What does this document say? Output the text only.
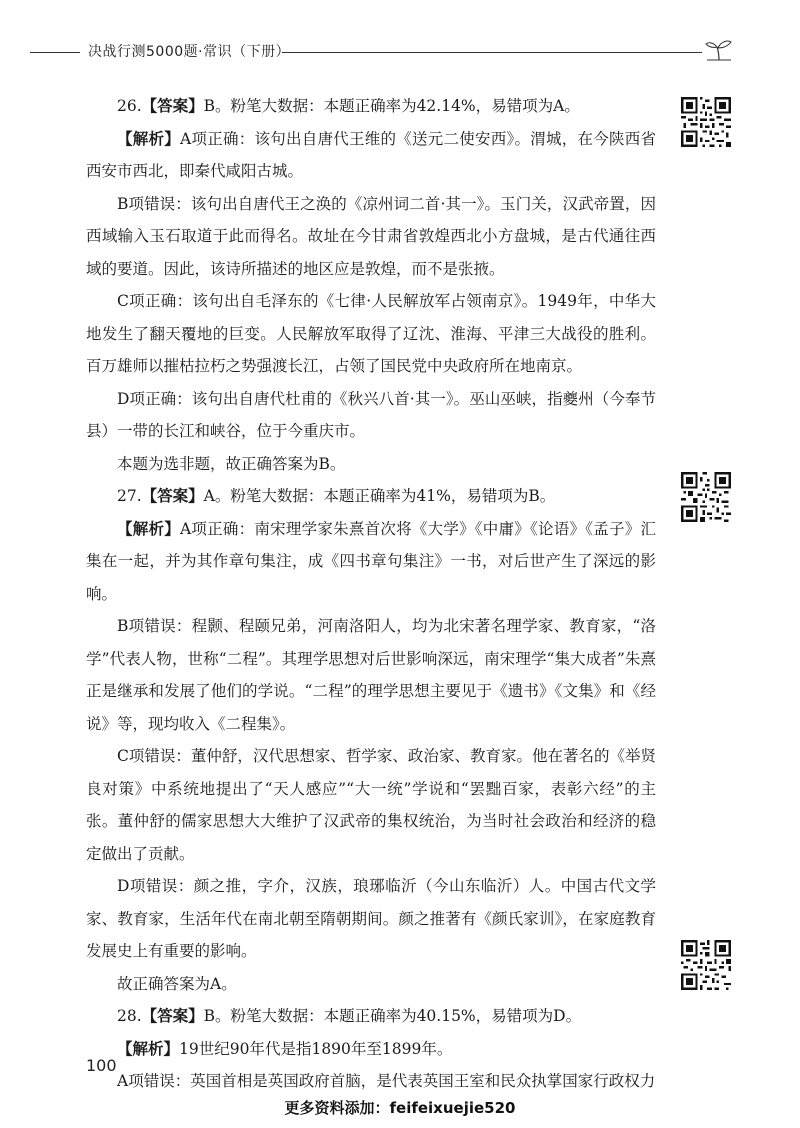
决战行测5000题·常识（下册）

26.【答案】B。粉笔大数据：本题正确率为42.14%，易错项为A。

【解析】A项正确：该句出自唐代王维的《送元二使安西》。渭城，在今陕西省西安市西北，即秦代咸阳古城。

B项错误：该句出自唐代王之涣的《凉州词二首·其一》。玉门关，汉武帝置，因西域输入玉石取道于此而得名。故址在今甘肃省敦煌西北小方盘城，是古代通往西域的要道。因此，该诗所描述的地区应是敦煌，而不是张掖。

C项正确：该句出自毛泽东的《七律·人民解放军占领南京》。1949年，中华大地发生了翻天覆地的巨变。人民解放军取得了辽沈、淮海、平津三大战役的胜利。百万雄师以摧枯拉朽之势强渡长江，占领了国民党中央政府所在地南京。

D项正确：该句出自唐代杜甫的《秋兴八首·其一》。巫山巫峡，指夔州（今奉节县）一带的长江和峡谷，位于今重庆市。

本题为选非题，故正确答案为B。

27.【答案】A。粉笔大数据：本题正确率为41%，易错项为B。

【解析】A项正确：南宋理学家朱熹首次将《大学》《中庸》《论语》《孟子》汇集在一起，并为其作章句集注，成《四书章句集注》一书，对后世产生了深远的影响。

B项错误：程颢、程颐兄弟，河南洛阳人，均为北宋著名理学家、教育家，“洛学”代表人物，世称“二程”。其理学思想对后世影响深远，南宋理学“集大成者”朱熹正是继承和发展了他们的学说。“二程”的理学思想主要见于《遗书》《文集》和《经说》等，现均收入《二程集》。

C项错误：董仲舒，汉代思想家、哲学家、政治家、教育家。他在著名的《举贤良对策》中系统地提出了“天人感应”“大一统”学说和“罢黜百家，表彰六经”的主张。董仲舒的儒家思想大大维护了汉武帝的集权统治，为当时社会政治和经济的稳定做出了贡献。

D项错误：颜之推，字介，汉族，琅琊临沂（今山东临沂）人。中国古代文学家、教育家，生活年代在南北朝至隋朝期间。颜之推著有《颜氏家训》，在家庭教育发展史上有重要的影响。

故正确答案为A。

28.【答案】B。粉笔大数据：本题正确率为40.15%，易错项为D。

【解析】19世纪90年代是指1890年至1899年。

A项错误：英国首相是英国政府首脑，是代表英国王室和民众执掌国家行政权力

100
更多资料添加：feifeixuejie520
